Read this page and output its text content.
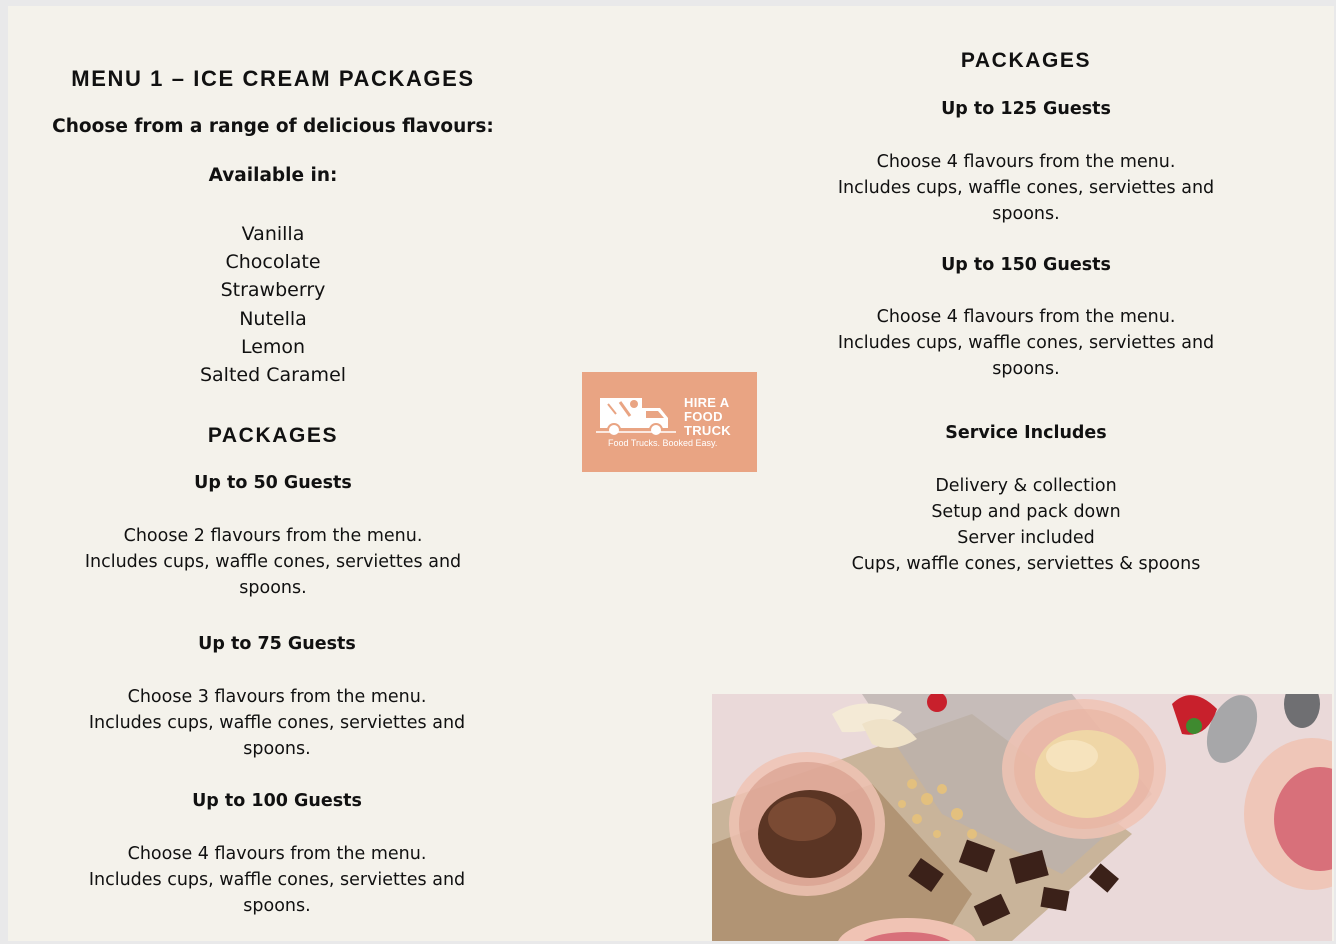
MENU 1 – ICE CREAM PACKAGES

Choose from a range of delicious flavours:

Available in:

Vanilla
Chocolate
Strawberry
Nutella
Lemon
Salted Caramel
PACKAGES

Up to 50 Guests

Choose 2 flavours from the menu.
Includes cups, waffle cones, serviettes and
spoons.

Up to 75 Guests

Choose 3 flavours from the menu.
Includes cups, waffle cones, serviettes and
spoons.

Up to 100 Guests

Choose 4 flavours from the menu.
Includes cups, waffle cones, serviettes and
spoons.
HIRE A
FOOD
TRUCK
Food Trucks. Booked Easy.
PACKAGES

Up to 125 Guests

Choose 4 flavours from the menu.
Includes cups, waffle cones, serviettes and
spoons.

Up to 150 Guests

Choose 4 flavours from the menu.
Includes cups, waffle cones, serviettes and
spoons.

Service Includes

Delivery & collection
Setup and pack down
Server included
Cups, waffle cones, serviettes & spoons
